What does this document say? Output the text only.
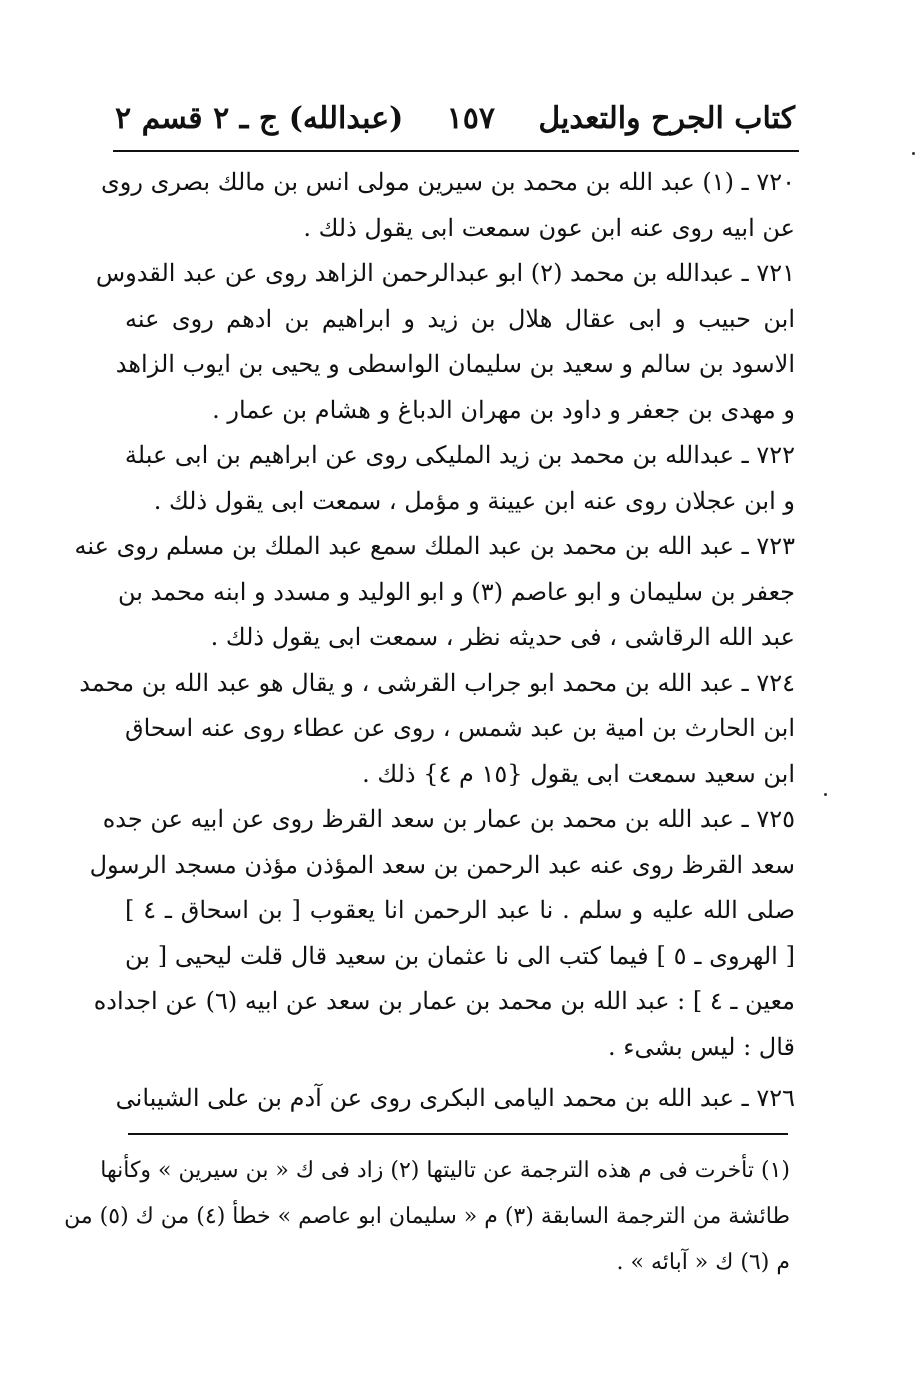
كتاب الجرح والتعديل
١٥٧
(عبدالله) ج ـ ٢ قسم ٢
٧٢٠ ـ (١) عبد الله بن محمد بن سيرين مولى انس بن مالك بصرى روى
عن ابيه روى عنه ابن عون سمعت ابى يقول ذلك .
٧٢١ ـ عبدالله بن محمد (٢) ابو عبدالرحمن الزاهد روى عن عبد القدوس
ابن حبيب و ابى عقال هلال بن زيد و ابراهيم بن ادهم روى عنه
الاسود بن سالم و سعيد بن سليمان الواسطى و يحيى بن ايوب الزاهد
و مهدى بن جعفر و داود بن مهران الدباغ و هشام بن عمار .
٧٢٢ ـ عبدالله بن محمد بن زيد المليكى روى عن ابراهيم بن ابى عبلة
و ابن عجلان روى عنه ابن عيينة و مؤمل ، سمعت ابى يقول ذلك .
٧٢٣ ـ عبد الله بن محمد بن عبد الملك سمع عبد الملك بن مسلم روى عنه
جعفر بن سليمان و ابو عاصم (٣) و ابو الوليد و مسدد و ابنه محمد بن
عبد الله الرقاشى ، فى حديثه نظر ، سمعت ابى يقول ذلك .
٧٢٤ ـ عبد الله بن محمد ابو جراب القرشى ، و يقال هو عبد الله بن محمد
ابن الحارث بن امية بن عبد شمس ، روى عن عطاء روى عنه اسحاق
ابن سعيد سمعت ابى يقول {١٥ م ٤} ذلك .
٧٢٥ ـ عبد الله بن محمد بن عمار بن سعد القرظ روى عن ابيه عن جده
سعد القرظ روى عنه عبد الرحمن بن سعد المؤذن مؤذن مسجد الرسول
صلى الله عليه و سلم . نا عبد الرحمن انا يعقوب [ بن اسحاق ـ ٤ ]
[ الهروى ـ ٥ ] فيما كتب الى نا عثمان بن سعيد قال قلت ليحيى [ بن
معين ـ ٤ ] : عبد الله بن محمد بن عمار بن سعد عن ابيه (٦) عن اجداده
قال : ليس بشىء .
٧٢٦ ـ عبد الله بن محمد اليامى البكرى روى عن آدم بن على الشيبانى
(١) تأخرت فى م هذه الترجمة عن تاليتها (٢) زاد فى ك « بن سيرين » وكأنها
طائشة من الترجمة السابقة (٣) م « سليمان ابو عاصم » خطأ (٤) من ك (٥) من
م (٦) ك « آبائه » .
